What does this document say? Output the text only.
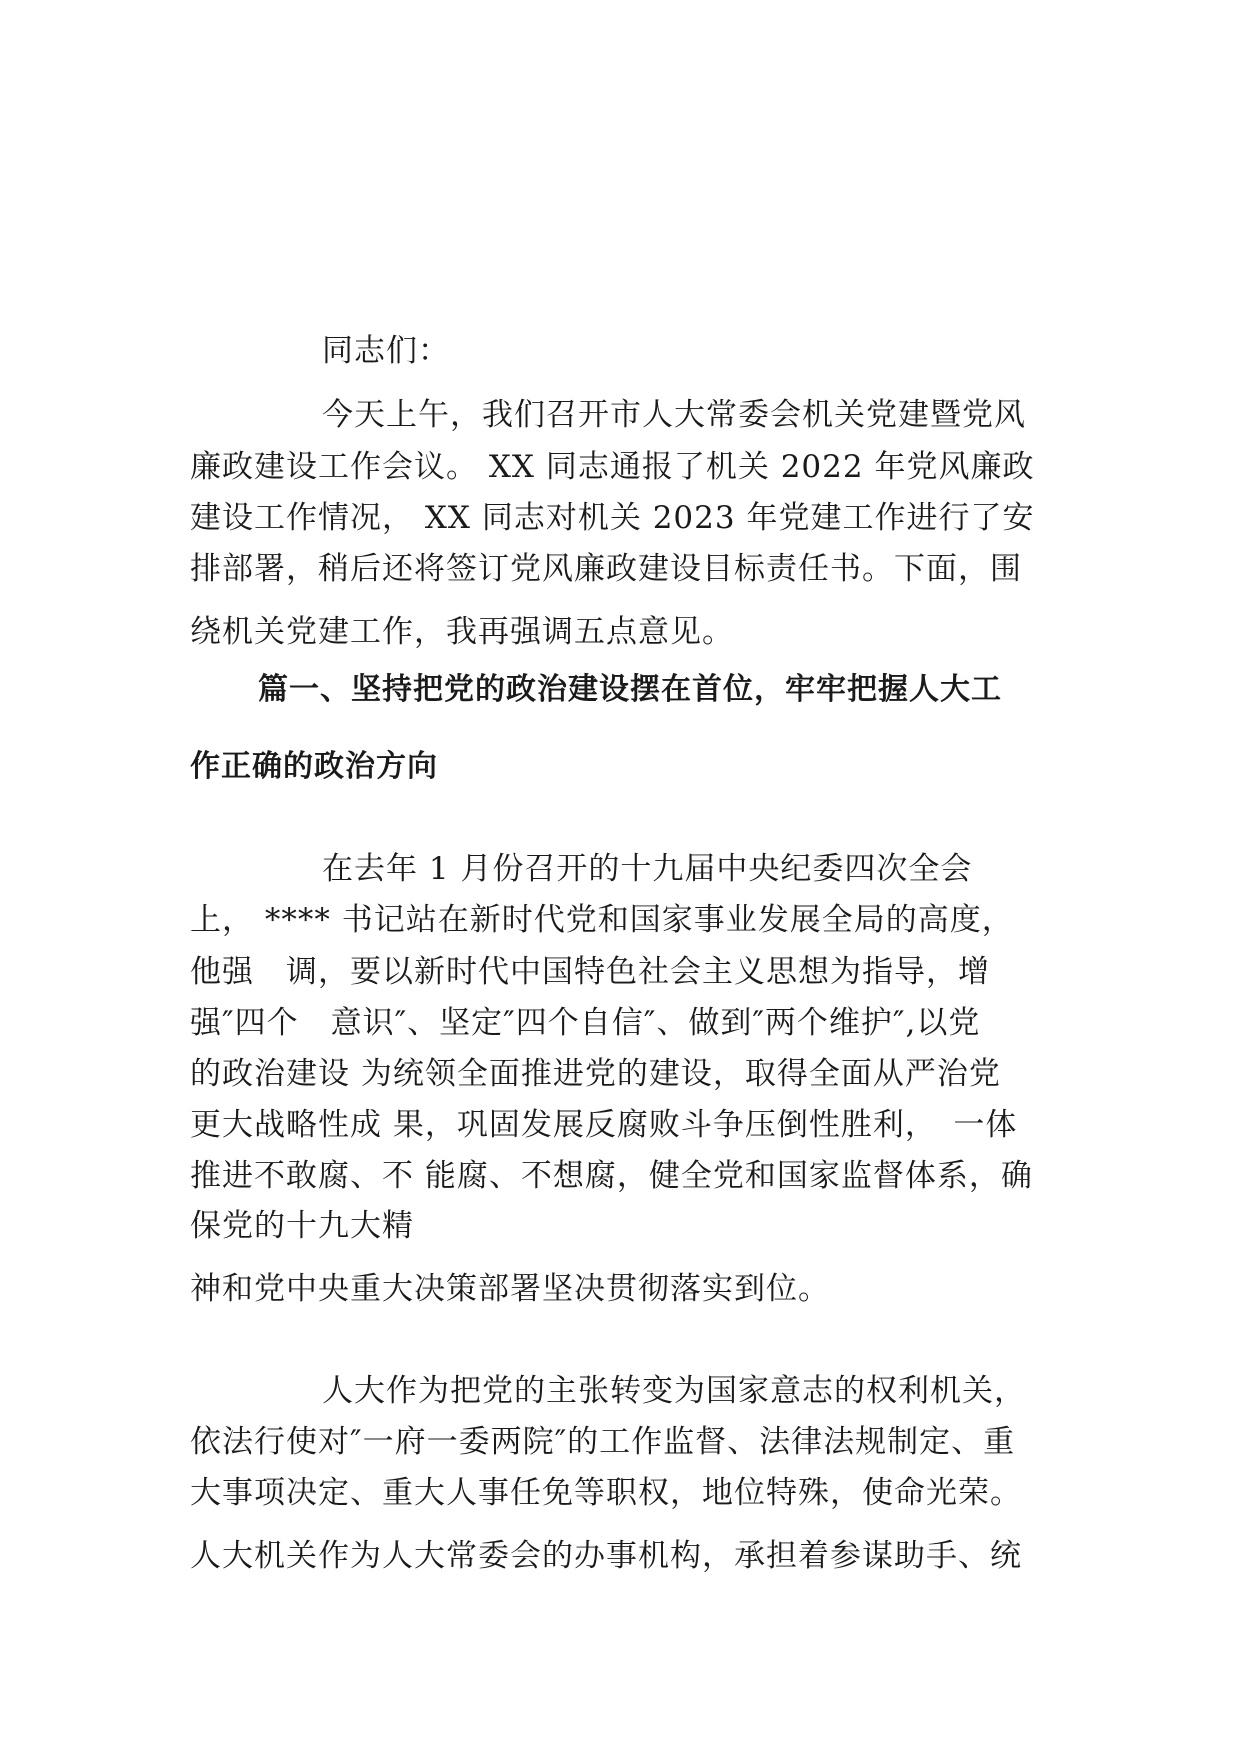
同志们：
今天上午，我们召开市人大常委会机关党建暨党风
廉政建设工作会议。 XX 同志通报了机关 2022 年党风廉政
建设工作情况， XX 同志对机关 2023 年党建工作进行了安
排部署，稍后还将签订党风廉政建设目标责任书。下面，围
绕机关党建工作，我再强调五点意见。
篇一、坚持把党的政治建设摆在首位，牢牢把握人大工
作正确的政治方向
在去年 1 月份召开的十九届中央纪委四次全会
上， **** 书记站在新时代党和国家事业发展全局的高度，
他强　调，要以新时代中国特色社会主义思想为指导，增
强″四个　意识″、坚定″四个自信″、做到″两个维护″,以党
的政治建设 为统领全面推进党的建设，取得全面从严治党
更大战略性成 果，巩固发展反腐败斗争压倒性胜利，　一体
推进不敢腐、不 能腐、不想腐，健全党和国家监督体系，确
保党的十九大精
神和党中央重大决策部署坚决贯彻落实到位。
人大作为把党的主张转变为国家意志的权利机关，
依法行使对″一府一委两院″的工作监督、法律法规制定、重
大事项决定、重大人事任免等职权，地位特殊，使命光荣。
人大机关作为人大常委会的办事机构，承担着参谋助手、统
